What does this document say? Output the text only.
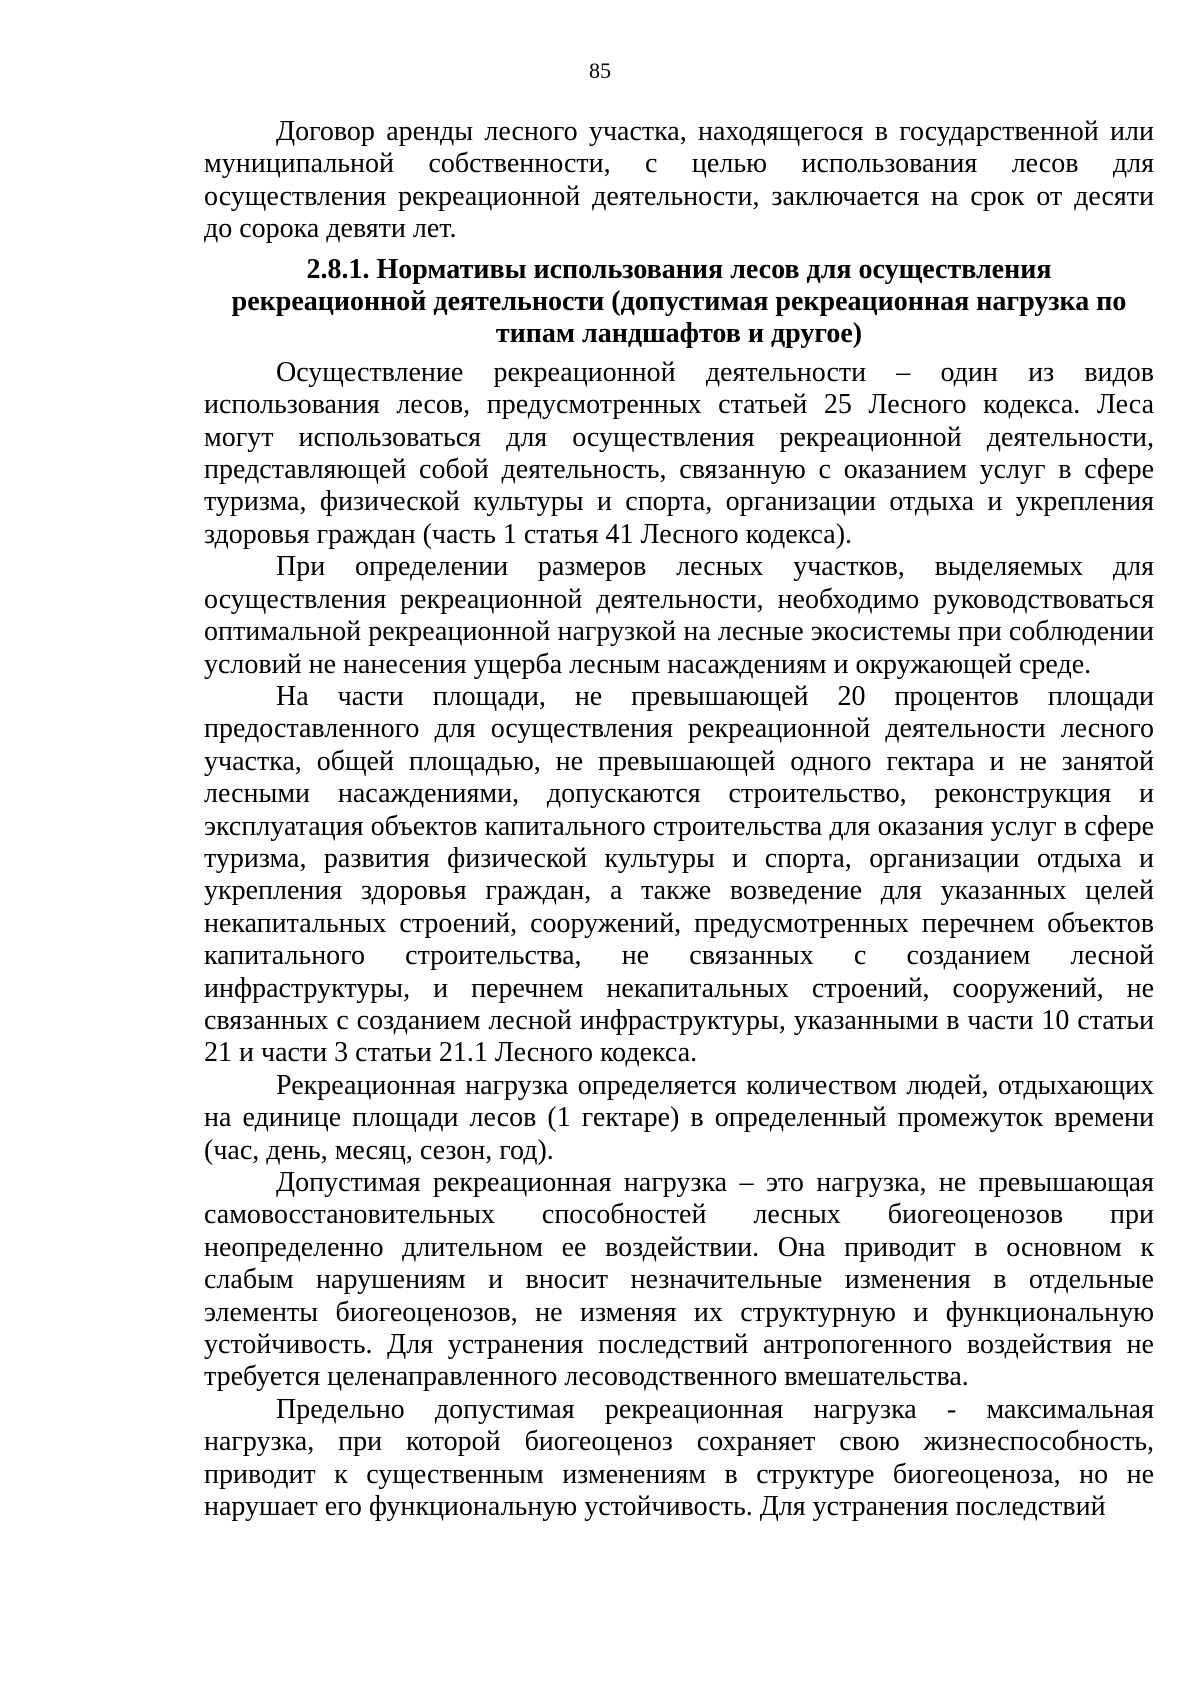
85

Договор аренды лесного участка, находящегося в государственной или муниципальной собственности, с целью использования лесов для осуществления рекреационной деятельности, заключается на срок от десяти до сорока девяти лет.

2.8.1. Нормативы использования лесов для осуществления рекреационной деятельности (допустимая рекреационная нагрузка по типам ландшафтов и другое)

Осуществление рекреационной деятельности – один из видов использования лесов, предусмотренных статьей 25 Лесного кодекса. Леса могут использоваться для осуществления рекреационной деятельности, представляющей собой деятельность, связанную с оказанием услуг в сфере туризма, физической культуры и спорта, организации отдыха и укрепления здоровья граждан (часть 1 статья 41 Лесного кодекса).

При определении размеров лесных участков, выделяемых для осуществления рекреационной деятельности, необходимо руководствоваться оптимальной рекреационной нагрузкой на лесные экосистемы при соблюдении условий не нанесения ущерба лесным насаждениям и окружающей среде.

На части площади, не превышающей 20 процентов площади предоставленного для осуществления рекреационной деятельности лесного участка, общей площадью, не превышающей одного гектара и не занятой лесными насаждениями, допускаются строительство, реконструкция и эксплуатация объектов капитального строительства для оказания услуг в сфере туризма, развития физической культуры и спорта, организации отдыха и укрепления здоровья граждан, а также возведение для указанных целей некапитальных строений, сооружений, предусмотренных перечнем объектов капитального строительства, не связанных с созданием лесной инфраструктуры, и перечнем некапитальных строений, сооружений, не связанных с созданием лесной инфраструктуры, указанными в части 10 статьи 21 и части 3 статьи 21.1 Лесного кодекса.

Рекреационная нагрузка определяется количеством людей, отдыхающих на единице площади лесов (1 гектаре) в определенный промежуток времени (час, день, месяц, сезон, год).

Допустимая рекреационная нагрузка – это нагрузка, не превышающая самовосстановительных способностей лесных биогеоценозов при неопределенно длительном ее воздействии. Она приводит в основном к слабым нарушениям и вносит незначительные изменения в отдельные элементы биогеоценозов, не изменяя их структурную и функциональную устойчивость. Для устранения последствий антропогенного воздействия не требуется целенаправленного лесоводственного вмешательства.

Предельно допустимая рекреационная нагрузка - максимальная нагрузка, при которой биогеоценоз сохраняет свою жизнеспособность, приводит к существенным изменениям в структуре биогеоценоза, но не нарушает его функциональную устойчивость. Для устранения последствий
